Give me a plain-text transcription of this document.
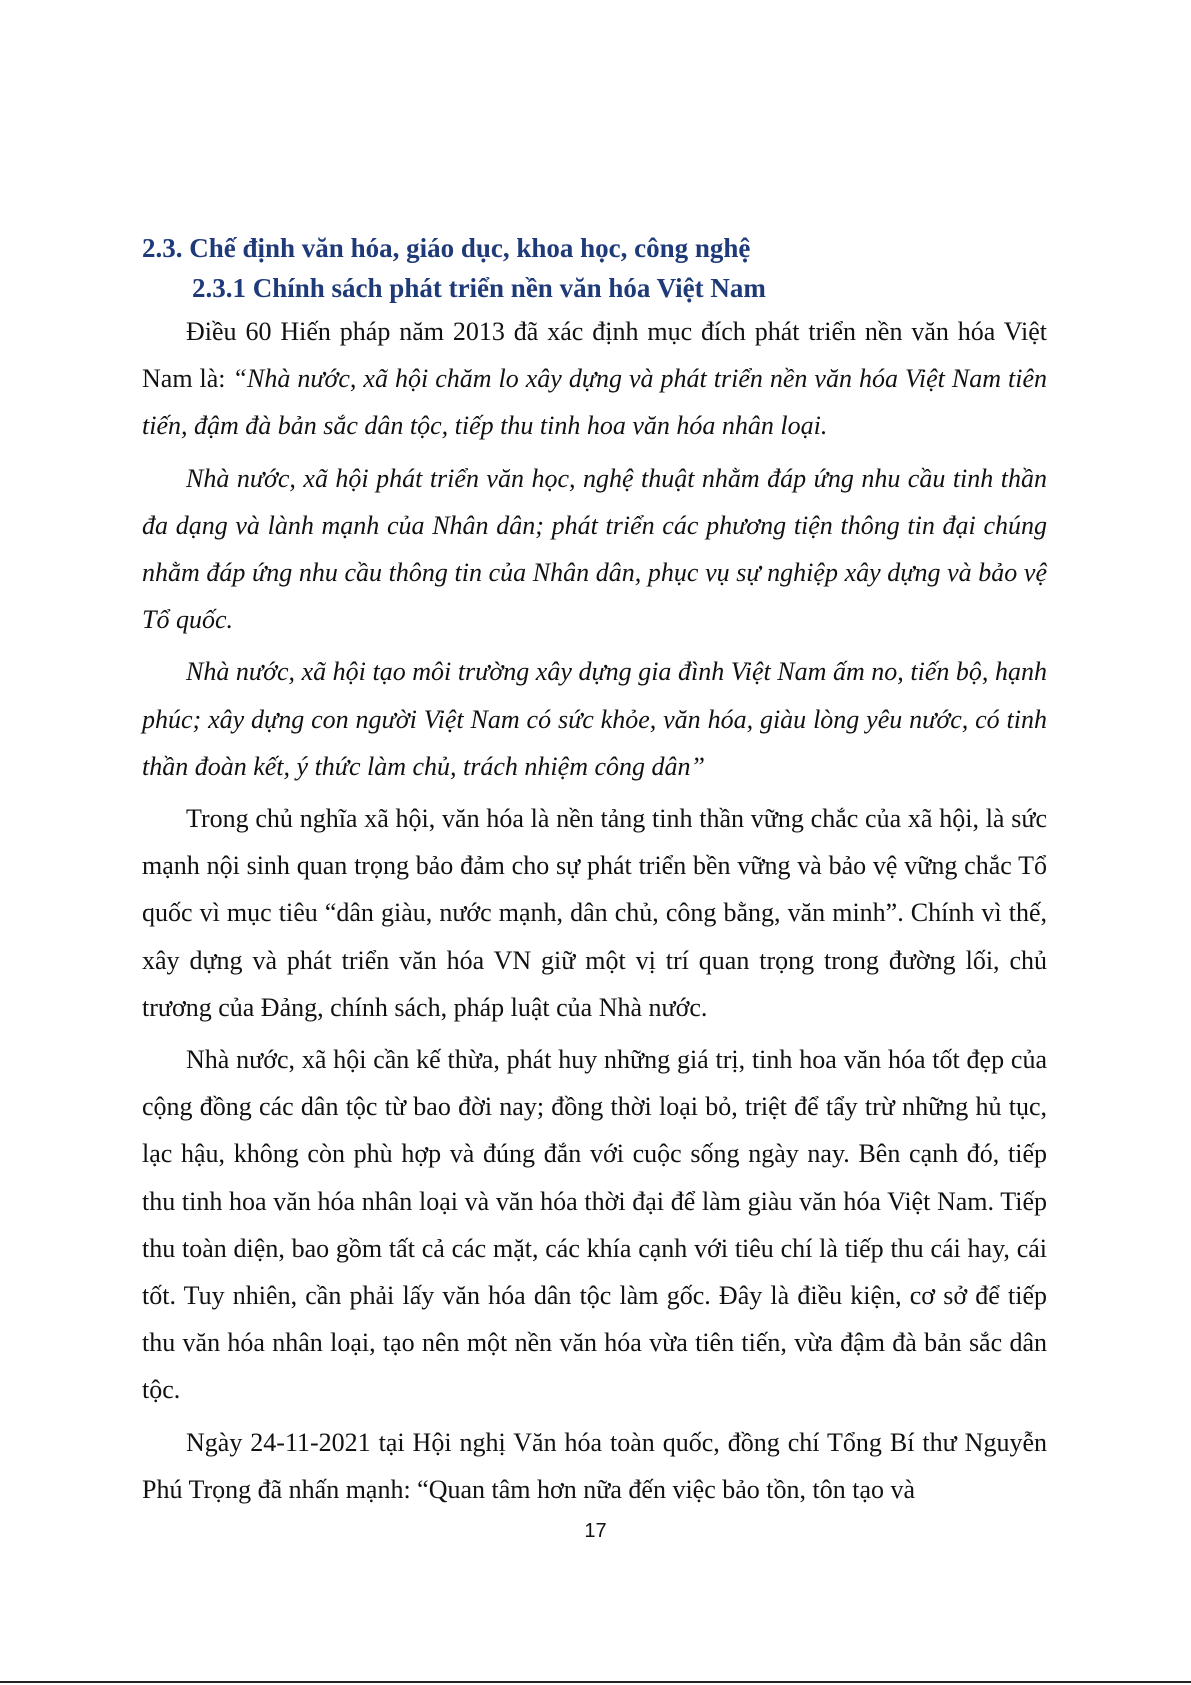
2.3. Chế định văn hóa, giáo dục, khoa học, công nghệ

2.3.1 Chính sách phát triển nền văn hóa Việt Nam

Điều 60 Hiến pháp năm 2013 đã xác định mục đích phát triển nền văn hóa Việt Nam là: “Nhà nước, xã hội chăm lo xây dựng và phát triển nền văn hóa Việt Nam tiên tiến, đậm đà bản sắc dân tộc, tiếp thu tinh hoa văn hóa nhân loại.

Nhà nước, xã hội phát triển văn học, nghệ thuật nhằm đáp ứng nhu cầu tinh thần đa dạng và lành mạnh của Nhân dân; phát triển các phương tiện thông tin đại chúng nhằm đáp ứng nhu cầu thông tin của Nhân dân, phục vụ sự nghiệp xây dựng và bảo vệ Tổ quốc.

Nhà nước, xã hội tạo môi trường xây dựng gia đình Việt Nam ấm no, tiến bộ, hạnh phúc; xây dựng con người Việt Nam có sức khỏe, văn hóa, giàu lòng yêu nước, có tinh thần đoàn kết, ý thức làm chủ, trách nhiệm công dân”

Trong chủ nghĩa xã hội, văn hóa là nền tảng tinh thần vững chắc của xã hội, là sức mạnh nội sinh quan trọng bảo đảm cho sự phát triển bền vững và bảo vệ vững chắc Tổ quốc vì mục tiêu “dân giàu, nước mạnh, dân chủ, công bằng, văn minh”. Chính vì thế, xây dựng và phát triển văn hóa VN giữ một vị trí quan trọng trong đường lối, chủ trương của Đảng, chính sách, pháp luật của Nhà nước.

Nhà nước, xã hội cần kế thừa, phát huy những giá trị, tinh hoa văn hóa tốt đẹp của cộng đồng các dân tộc từ bao đời nay; đồng thời loại bỏ, triệt để tẩy trừ những hủ tục, lạc hậu, không còn phù hợp và đúng đắn với cuộc sống ngày nay. Bên cạnh đó, tiếp thu tinh hoa văn hóa nhân loại và văn hóa thời đại để làm giàu văn hóa Việt Nam. Tiếp thu toàn diện, bao gồm tất cả các mặt, các khía cạnh với tiêu chí là tiếp thu cái hay, cái tốt. Tuy nhiên, cần phải lấy văn hóa dân tộc làm gốc. Đây là điều kiện, cơ sở để tiếp thu văn hóa nhân loại, tạo nên một nền văn hóa vừa tiên tiến, vừa đậm đà bản sắc dân tộc.

Ngày 24-11-2021 tại Hội nghị Văn hóa toàn quốc, đồng chí Tổng Bí thư Nguyễn Phú Trọng đã nhấn mạnh: “Quan tâm hơn nữa đến việc bảo tồn, tôn tạo và

17
